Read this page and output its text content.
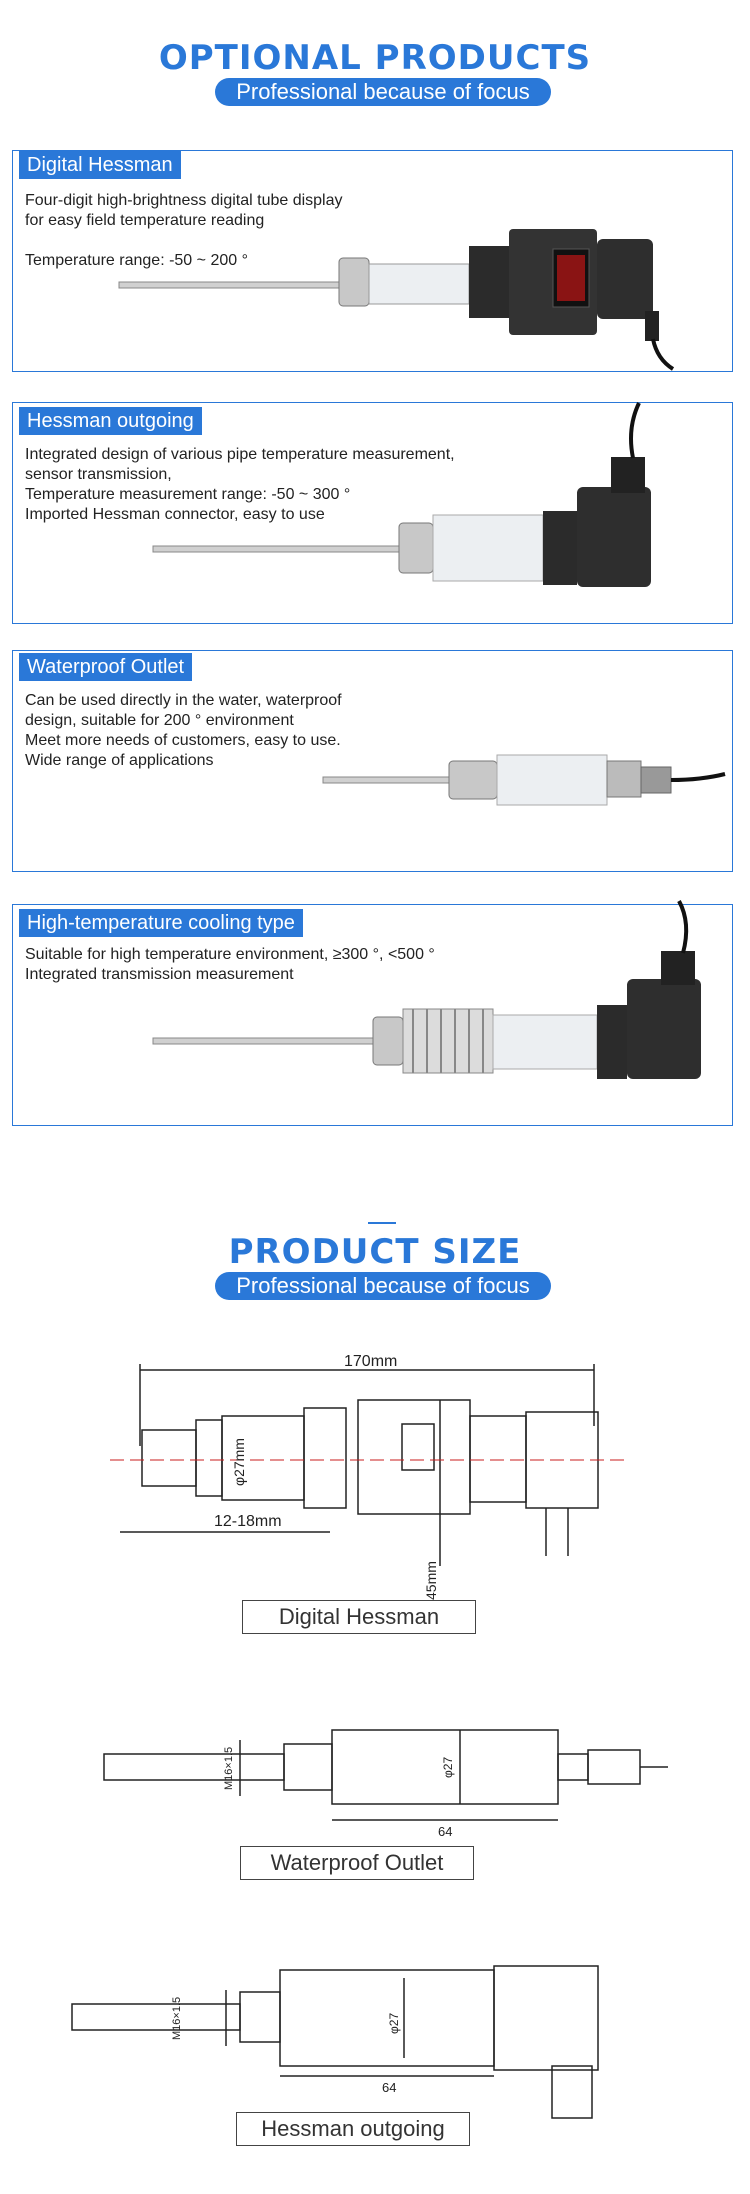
OPTIONAL PRODUCTS
Professional because of focus
Digital Hessman
Four-digit high-brightness digital tube display
for easy field temperature reading

Temperature range: -50 ~ 200 °
Hessman outgoing
Integrated design of various pipe temperature measurement,
sensor transmission,
Temperature measurement range: -50 ~ 300 °
Imported Hessman connector, easy to use
Waterproof Outlet
Can be used directly in the water, waterproof
design, suitable for 200 ° environment
Meet more needs of customers, easy to use.
Wide range of applications
High-temperature cooling type
Suitable for high temperature environment, ≥300 °, <500 °
Integrated transmission measurement
PRODUCT SIZE
Professional because of focus
170mm
φ27mm
12-18mm
45mm
Digital Hessman
M16×1.5	φ27
64
Waterproof Outlet
M16×1.5	φ27
64
Hessman outgoing
